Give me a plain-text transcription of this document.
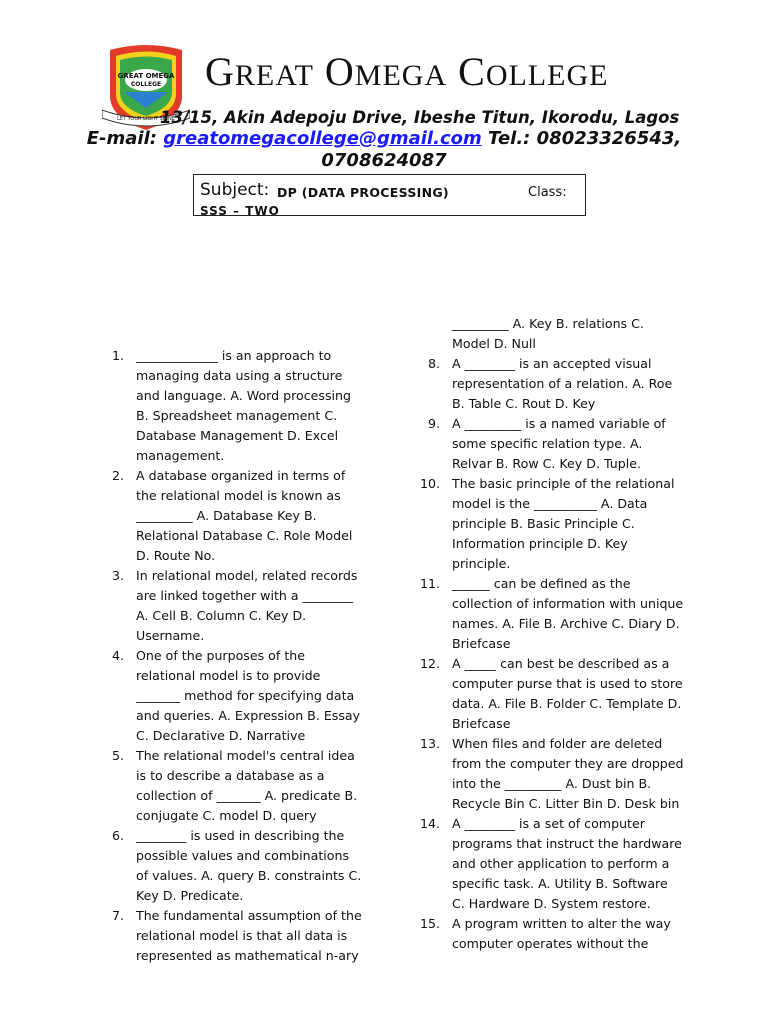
GREAT OMEGA
COLLEGE
LET YOUR LIGHT SHINE
GREAT OMEGA COLLEGE
13/15, Akin Adepoju Drive, Ibeshe Titun, Ikorodu, Lagos
E-mail: greatomegacollege@gmail.com Tel.: 08023326543,
0708624087
Subject: DP (DATA PROCESSING)	Class:
SSS – TWO
1. _____________ is an approach to managing data using a structure and language. A. Word processing B. Spreadsheet management C. Database Management D. Excel management.
2. A database organized in terms of the relational model is known as _________ A. Database Key B. Relational Database C. Role Model D. Route No.
3. In relational model, related records are linked together with a ________ A. Cell B. Column C. Key D. Username.
4. One of the purposes of the relational model is to provide _______ method for specifying data and queries. A. Expression B. Essay C. Declarative D. Narrative
5. The relational model's central idea is to describe a database as a collection of _______ A. predicate B. conjugate C. model D. query
6. ________ is used in describing the possible values and combinations of values. A. query B. constraints C. Key D. Predicate.
7. The fundamental assumption of the relational model is that all data is represented as mathematical n-ary
_________ A. Key B. relations C. Model D. Null
8. A ________ is an accepted visual representation of a relation. A. Roe B. Table C. Rout D. Key
9. A _________ is a named variable of some specific relation type. A. Relvar B. Row C. Key D. Tuple.
10. The basic principle of the relational model is the __________ A. Data principle B. Basic Principle C. Information principle D. Key principle.
11. ______ can be defined as the collection of information with unique names. A. File B. Archive C. Diary D. Briefcase
12. A _____ can best be described as a computer purse that is used to store data. A. File B. Folder C. Template D. Briefcase
13. When files and folder are deleted from the computer they are dropped into the _________ A. Dust bin B. Recycle Bin C. Litter Bin D. Desk bin
14. A ________ is a set of computer programs that instruct the hardware and other application to perform a specific task. A. Utility B. Software C. Hardware D. System restore.
15. A program written to alter the way computer operates without the
